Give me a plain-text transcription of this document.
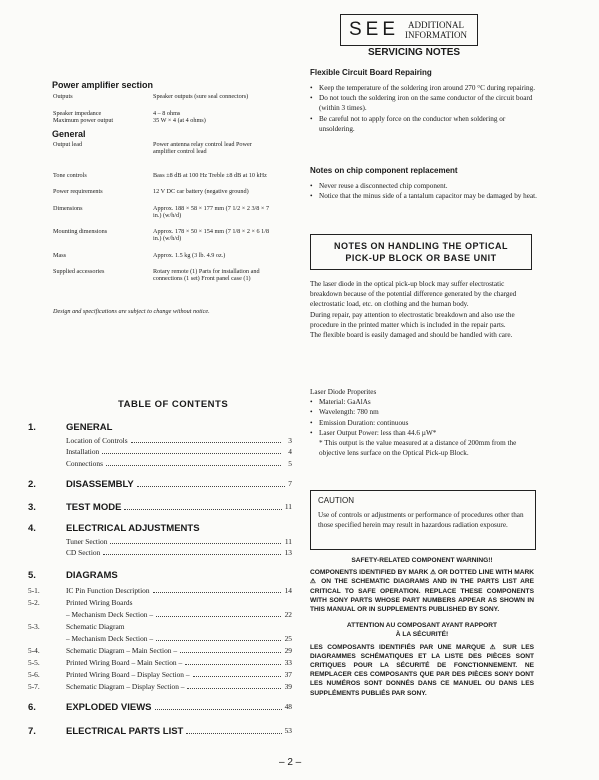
SEE	ADDITIONAL
INFORMATION
SERVICING NOTES
Flexible Circuit Board Repairing
• Keep the temperature of the soldering iron around 270 °C during repairing.
• Do not touch the soldering iron on the same conductor of the circuit board (within 3 times).
• Be careful not to apply force on the conductor when soldering or unsoldering.
Notes on chip component replacement
• Never reuse a disconnected chip component.
• Notice that the minus side of a tantalum capacitor may be damaged by heat.
NOTES ON HANDLING THE OPTICAL
PICK-UP BLOCK OR BASE UNIT
The laser diode in the optical pick-up block may suffer electrostatic breakdown because of the potential difference generated by the charged electrostatic load, etc. on clothing and the human body.
During repair, pay attention to electrostatic breakdown and also use the procedure in the printed matter which is included in the repair parts.
The flexible board is easily damaged and should be handled with care.
Laser Diode Properites
• Material: GaAlAs
• Wavelength: 780 nm
• Emission Duration: continuous
• Laser Output Power: less than 44.6 µW*
* This output is the value measured at a distance of 200mm from the objective lens surface on the Optical Pick-up Block.
CAUTION
Use of controls or adjustments or performance of procedures other than those specified herein may result in hazardous radiation exposure.
SAFETY-RELATED COMPONENT WARNING!!
COMPONENTS IDENTIFIED BY MARK ⚠ OR DOTTED LINE WITH MARK ⚠ ON THE SCHEMATIC DIAGRAMS AND IN THE PARTS LIST ARE CRITICAL TO SAFE OPERATION. REPLACE THESE COMPONENTS WITH SONY PARTS WHOSE PART NUMBERS APPEAR AS SHOWN IN THIS MANUAL OR IN SUPPLEMENTS PUBLISHED BY SONY.
ATTENTION AU COMPOSANT AYANT RAPPORT
À LA SÉCURITÉ!
LES COMPOSANTS IDENTIFIÉS PAR UNE MARQUE ⚠ SUR LES DIAGRAMMES SCHÉMATIQUES ET LA LISTE DES PIÈCES SONT CRITIQUES POUR LA SÉCURITÉ DE FONCTIONNEMENT. NE REMPLACER CES COMPOSANTS QUE PAR DES PIÈCES SONY DONT LES NUMÉROS SONT DONNÉS DANS CE MANUEL OU DANS LES SUPPLÉMENTS PUBLIÉS PAR SONY.
Power amplifier section
Outputs	Speaker outputs (sure seal connectors)
Speaker impedance	4 – 8 ohms
Maximum power output	35 W × 4 (at 4 ohms)
General
Output lead	Power antenna relay control lead Power amplifier control lead
Tone controls	Bass ±8 dB at 100 Hz Treble ±8 dB at 10 kHz
Power requirements	12 V DC car battery (negative ground)
Dimensions	Approx. 188 × 58 × 177 mm (7 1/2 × 2 3/8 × 7 in.) (w/h/d)
Mounting dimensions	Approx. 178 × 50 × 154 mm (7 1/8 × 2 × 6 1/8 in.) (w/h/d)
Mass	Approx. 1.5 kg (3 lb. 4.9 oz.)
Supplied accessories	Rotary remote (1) Parts for installation and connections (1 set) Front panel case (1)
Design and specifications are subject to change without notice.
TABLE OF CONTENTS
1.	GENERAL
Location of Controls	3
Installation	4
Connections	5
2.	DISASSEMBLY	7
3.	TEST MODE	11
4.	ELECTRICAL ADJUSTMENTS
Tuner Section	11
CD Section	13
5.	DIAGRAMS
5-1.	IC Pin Function Description	14
5-2.	Printed Wiring Boards
– Mechanism Deck Section –	22
5-3.	Schematic Diagram
– Mechanism Deck Section –	25
5-4.	Schematic Diagram – Main Section –	29
5-5.	Printed Wiring Board – Main Section –	33
5-6.	Printed Wiring Board – Display Section –	37
5-7.	Schematic Diagram – Display Section –	39
6.	EXPLODED VIEWS	48
7.	ELECTRICAL PARTS LIST	53
– 2 –
